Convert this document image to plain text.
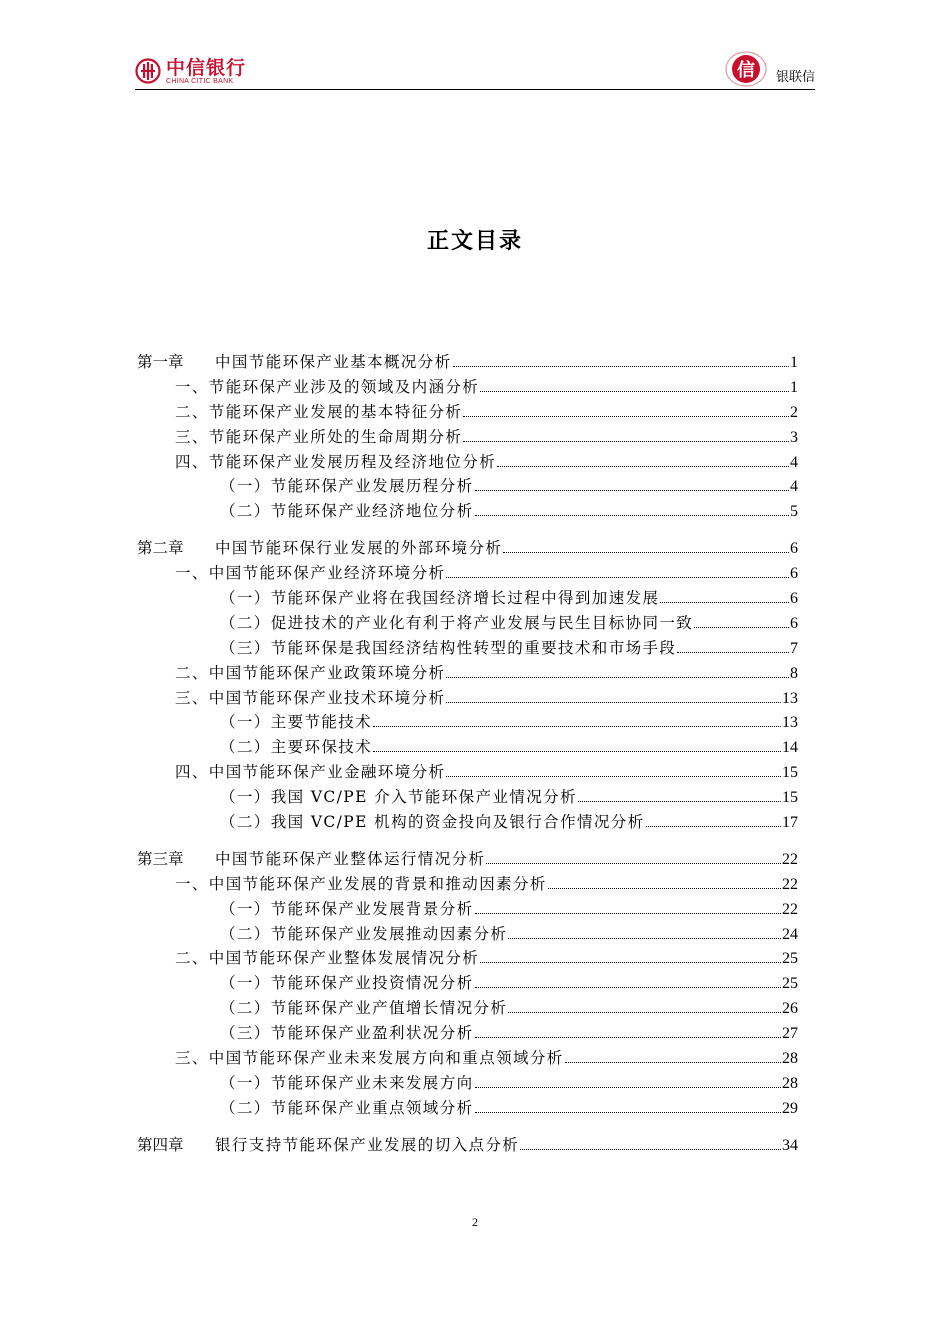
中信银行
CHINA CITIC BANK
信 银联信
正文目录
第一章	中国节能环保产业基本概况分析	1
一、节能环保产业涉及的领域及内涵分析	1
二、节能环保产业发展的基本特征分析	2
三、节能环保产业所处的生命周期分析	3
四、节能环保产业发展历程及经济地位分析	4
（一）节能环保产业发展历程分析	4
（二）节能环保产业经济地位分析	5
第二章	中国节能环保行业发展的外部环境分析	6
一、中国节能环保产业经济环境分析	6
（一）节能环保产业将在我国经济增长过程中得到加速发展	6
（二）促进技术的产业化有利于将产业发展与民生目标协同一致	6
（三）节能环保是我国经济结构性转型的重要技术和市场手段	7
二、中国节能环保产业政策环境分析	8
三、中国节能环保产业技术环境分析	13
（一）主要节能技术	13
（二）主要环保技术	14
四、中国节能环保产业金融环境分析	15
（一）我国 VC/PE 介入节能环保产业情况分析	15
（二）我国 VC/PE 机构的资金投向及银行合作情况分析	17
第三章	中国节能环保产业整体运行情况分析	22
一、中国节能环保产业发展的背景和推动因素分析	22
（一）节能环保产业发展背景分析	22
（二）节能环保产业发展推动因素分析	24
二、中国节能环保产业整体发展情况分析	25
（一）节能环保产业投资情况分析	25
（二）节能环保产业产值增长情况分析	26
（三）节能环保产业盈利状况分析	27
三、中国节能环保产业未来发展方向和重点领域分析	28
（一）节能环保产业未来发展方向	28
（二）节能环保产业重点领域分析	29
第四章	银行支持节能环保产业发展的切入点分析	34
2
